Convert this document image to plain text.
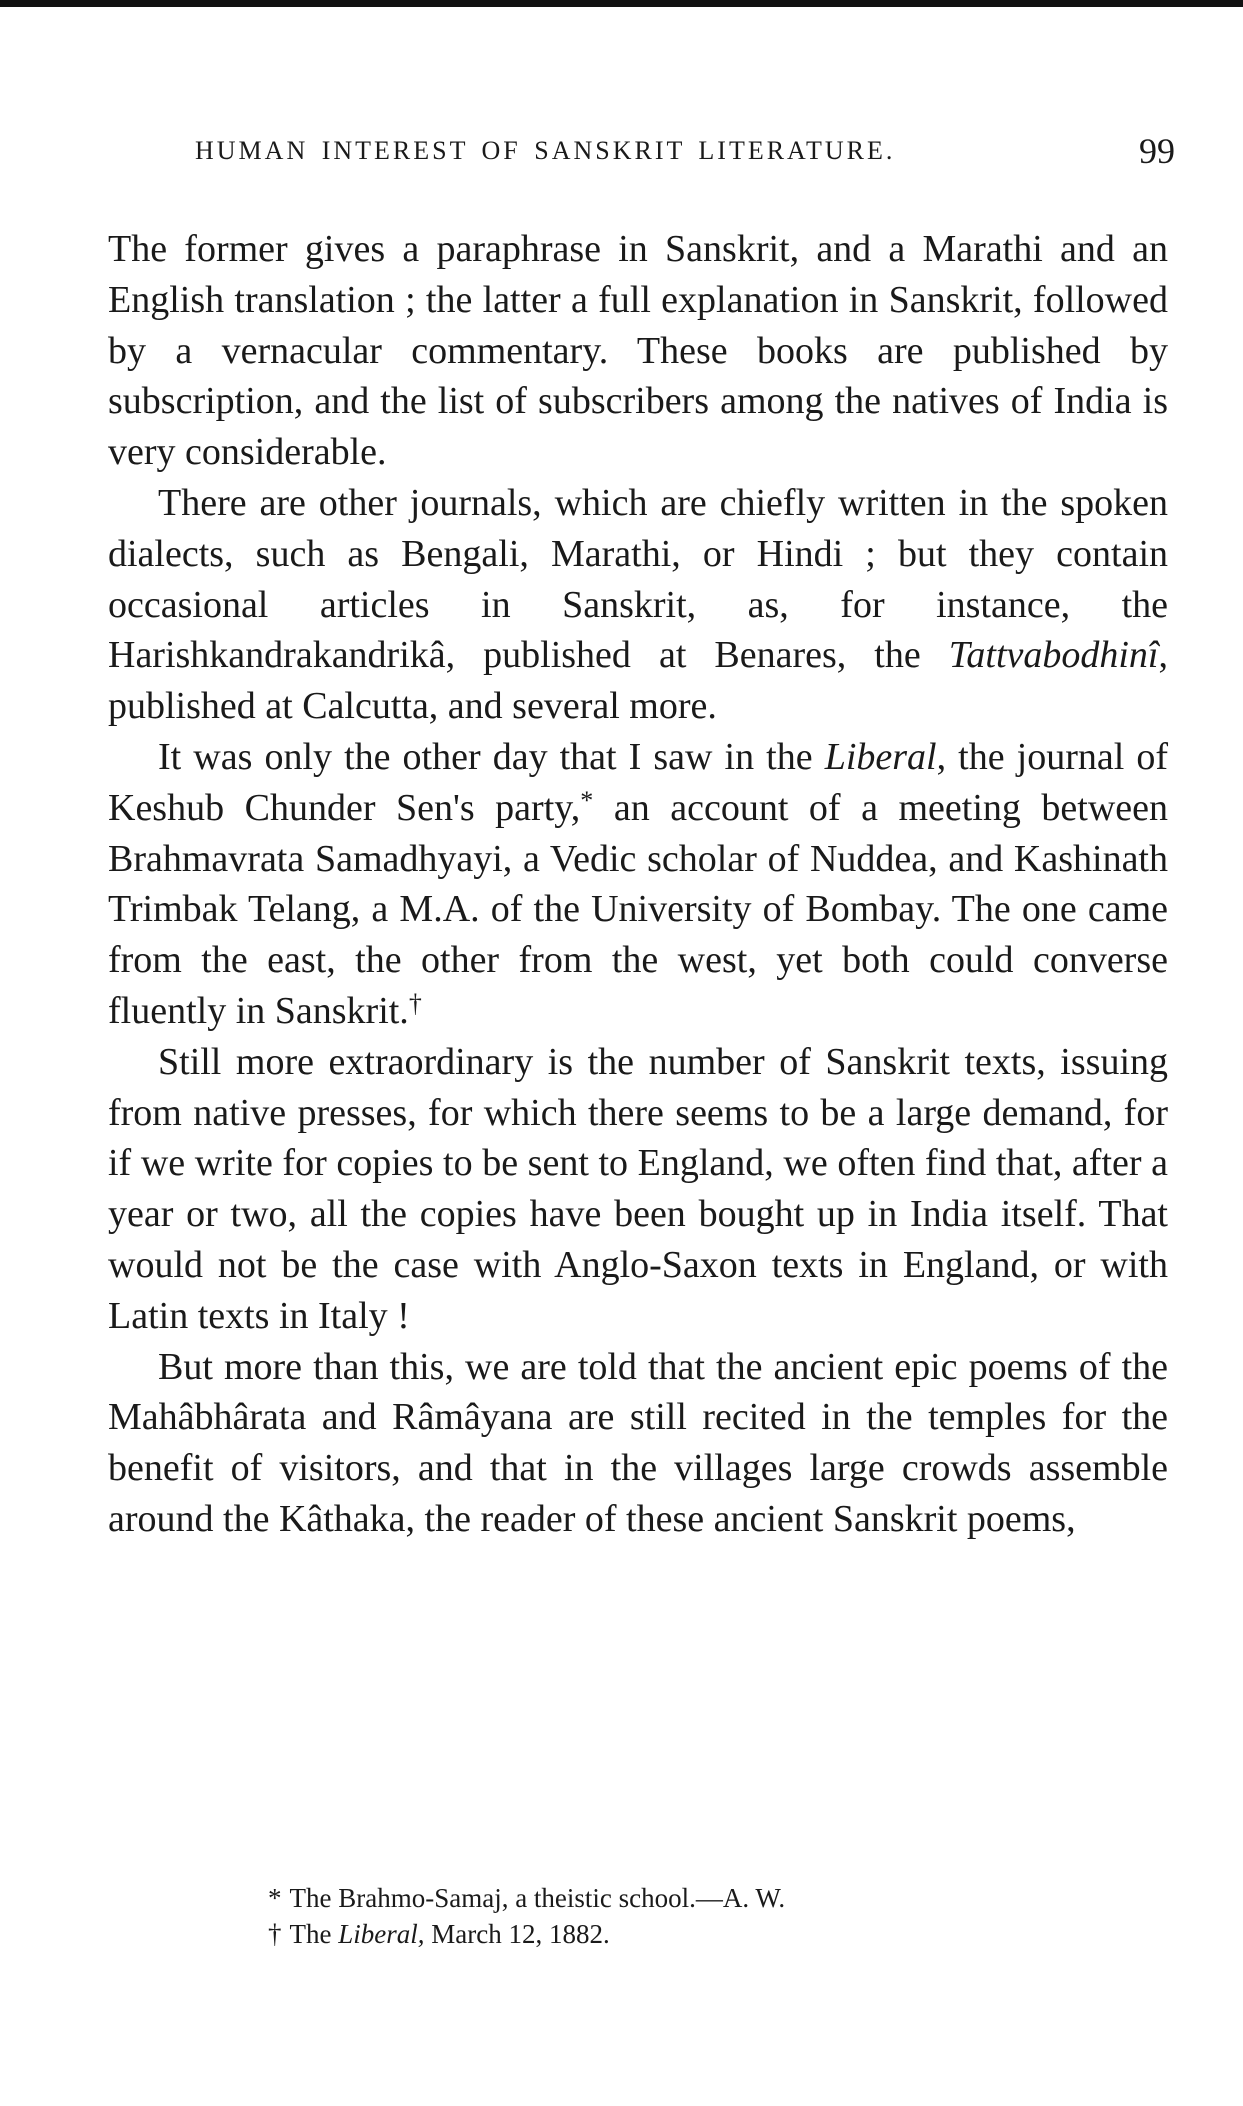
HUMAN INTEREST OF SANSKRIT LITERATURE.	99

The former gives a paraphrase in Sanskrit, and a Marathi and an English translation ; the latter a full explanation in Sanskrit, followed by a vernacular commentary. These books are published by subscription, and the list of subscribers among the natives of India is very considerable.

There are other journals, which are chiefly written in the spoken dialects, such as Bengali, Marathi, or Hindi ; but they contain occasional articles in Sanskrit, as, for instance, the Harishkandrakandrikâ, published at Benares, the Tattvabodhinî, published at Calcutta, and several more.

It was only the other day that I saw in the Liberal, the journal of Keshub Chunder Sen's party,* an account of a meeting between Brahmavrata Samadhyayi, a Vedic scholar of Nuddea, and Kashinath Trimbak Telang, a M.A. of the University of Bombay. The one came from the east, the other from the west, yet both could converse fluently in Sanskrit.†

Still more extraordinary is the number of Sanskrit texts, issuing from native presses, for which there seems to be a large demand, for if we write for copies to be sent to England, we often find that, after a year or two, all the copies have been bought up in India itself. That would not be the case with Anglo-Saxon texts in England, or with Latin texts in Italy !

But more than this, we are told that the ancient epic poems of the Mahâbhârata and Râmâyana are still recited in the temples for the benefit of visitors, and that in the villages large crowds assemble around the Kâthaka, the reader of these ancient Sanskrit poems,

* The Brahmo-Samaj, a theistic school.—A. W.

† The Liberal, March 12, 1882.
